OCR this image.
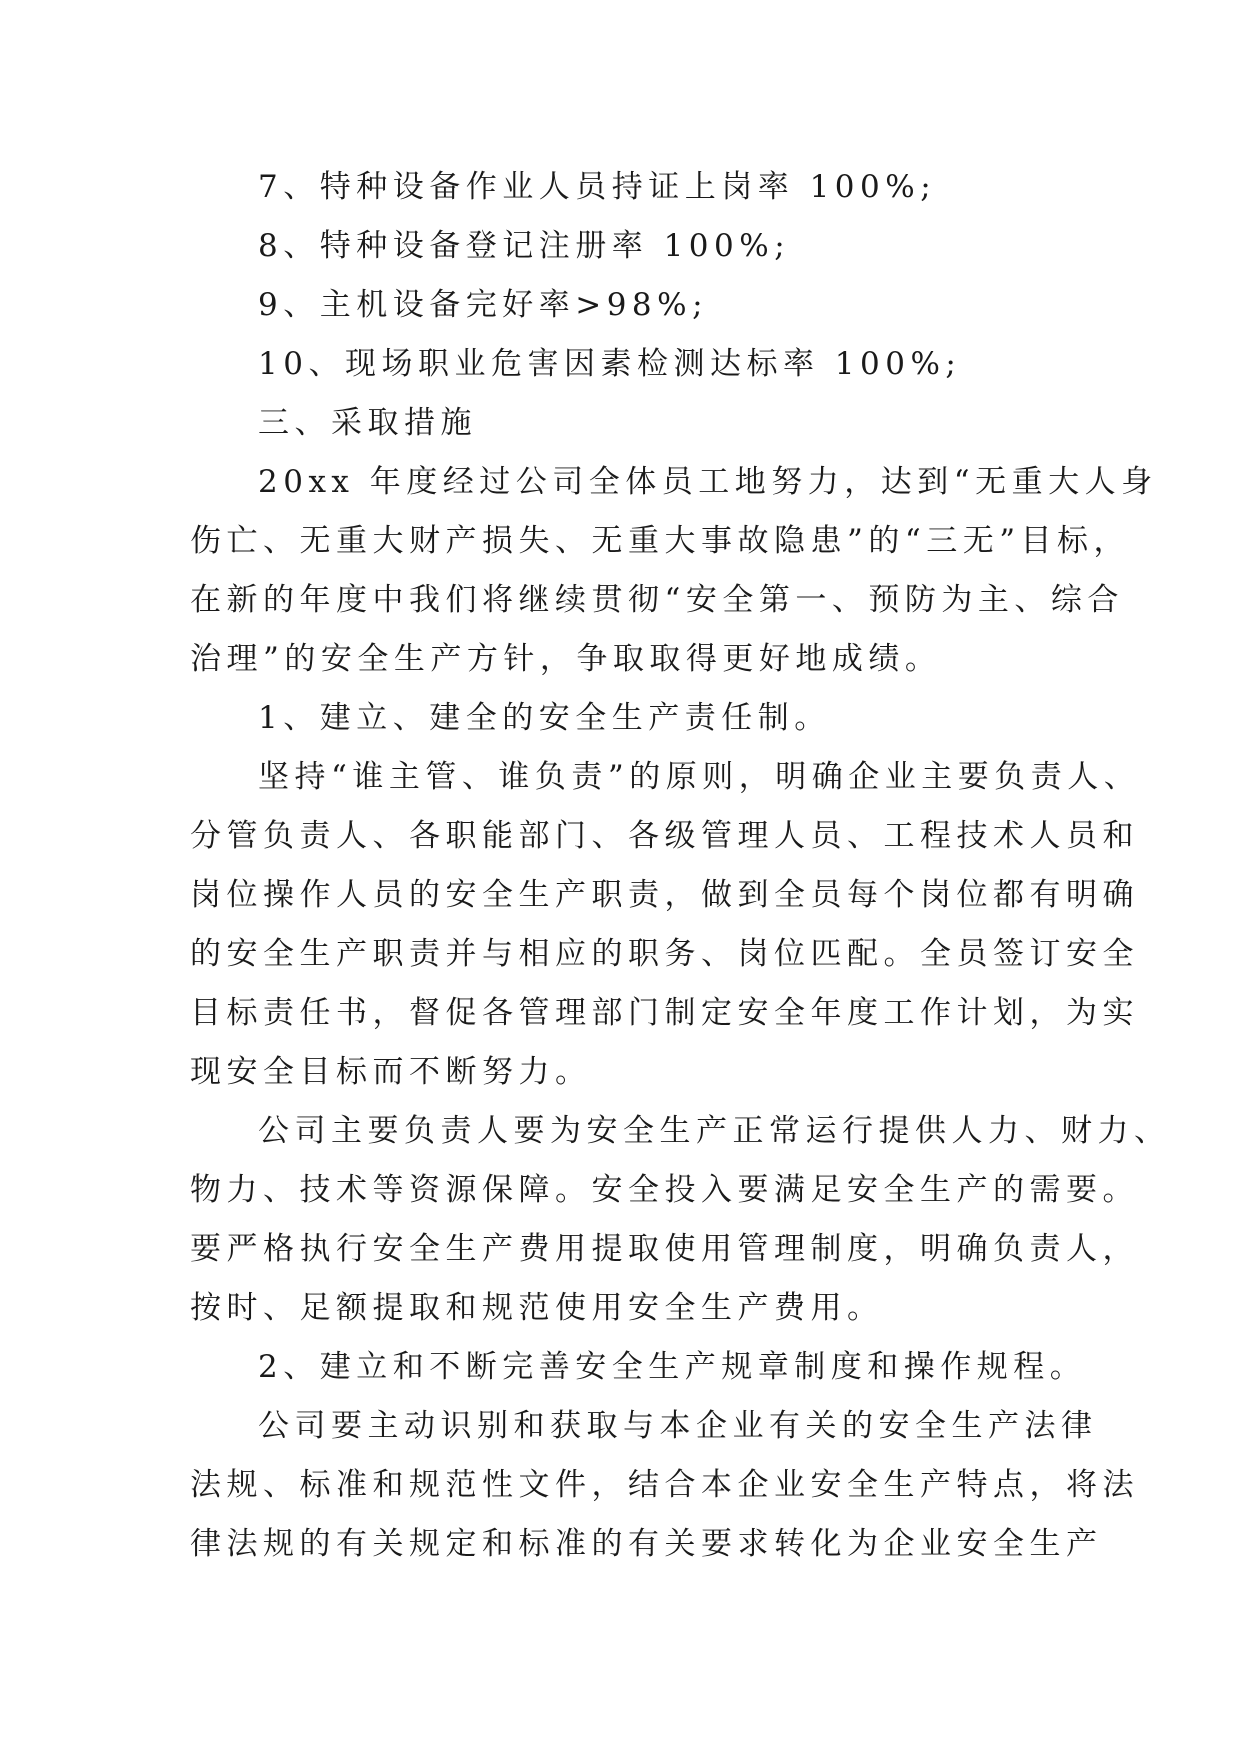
7、特种设备作业人员持证上岗率 100%;

8、特种设备登记注册率 100%;

9、主机设备完好率>98%;

10、现场职业危害因素检测达标率 100%;

三、采取措施

20xx 年度经过公司全体员工地努力，达到“无重大人身

伤亡、无重大财产损失、无重大事故隐患”的“三无”目标，

在新的年度中我们将继续贯彻“安全第一、预防为主、综合

治理”的安全生产方针，争取取得更好地成绩。

1、建立、建全的安全生产责任制。

坚持“谁主管、谁负责”的原则，明确企业主要负责人、

分管负责人、各职能部门、各级管理人员、工程技术人员和

岗位操作人员的安全生产职责，做到全员每个岗位都有明确

的安全生产职责并与相应的职务、岗位匹配。全员签订安全

目标责任书，督促各管理部门制定安全年度工作计划，为实

现安全目标而不断努力。

公司主要负责人要为安全生产正常运行提供人力、财力、

物力、技术等资源保障。安全投入要满足安全生产的需要。

要严格执行安全生产费用提取使用管理制度，明确负责人，

按时、足额提取和规范使用安全生产费用。

2、建立和不断完善安全生产规章制度和操作规程。

公司要主动识别和获取与本企业有关的安全生产法律

法规、标准和规范性文件，结合本企业安全生产特点，将法

律法规的有关规定和标准的有关要求转化为企业安全生产
